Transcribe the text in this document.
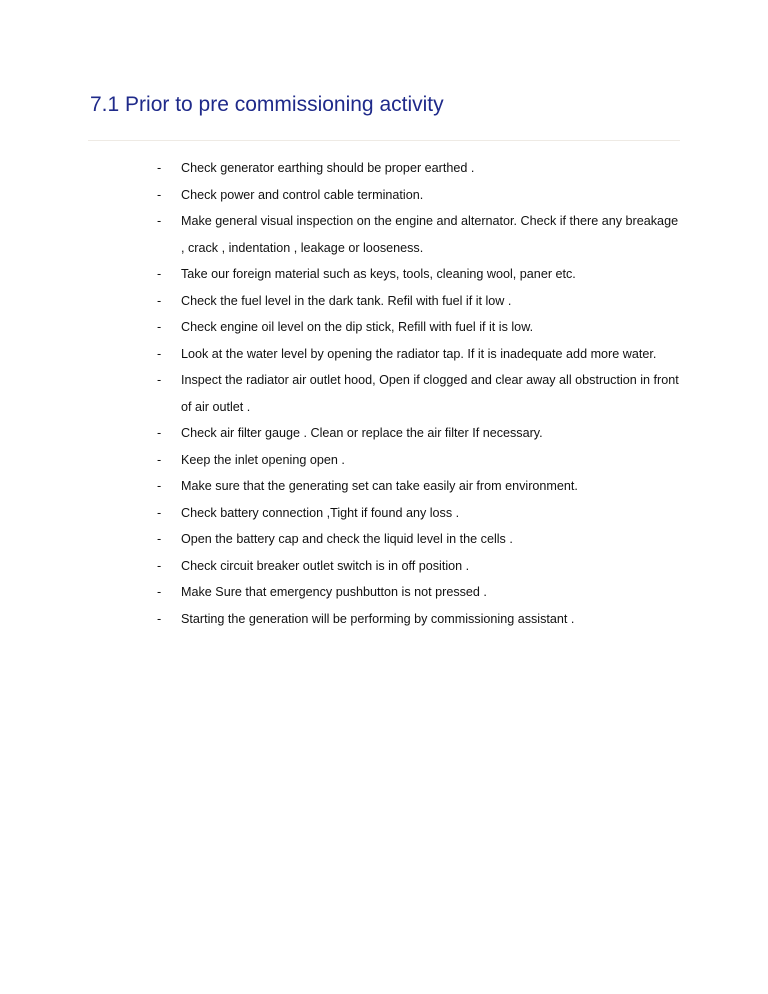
7.1 Prior to pre commissioning activity
-	Check generator earthing should be proper earthed .
-	Check power and control cable termination.
-	Make general visual inspection on the engine and alternator. Check if there any breakage , crack , indentation , leakage or looseness.
-	Take our foreign material such as keys, tools, cleaning wool, paner etc.
-	Check the fuel level in the dark tank. Refil with fuel if it low .
-	Check engine oil level on the dip stick, Refill with fuel if it is low.
-	Look at the water level by opening the radiator tap. If it is inadequate add more water.
-	Inspect the radiator air outlet hood, Open if clogged and clear away all obstruction in front of air outlet .
-	Check air filter gauge . Clean or replace the air filter If necessary.
-	Keep the inlet opening open .
-	Make sure that the generating set can take easily air from environment.
-	Check battery connection ,Tight if found any loss .
-	Open the battery cap and check the liquid level in the cells .
-	Check circuit breaker outlet switch is in off position .
-	Make Sure that emergency pushbutton is not pressed .
-	Starting the generation will be performing by commissioning assistant .
